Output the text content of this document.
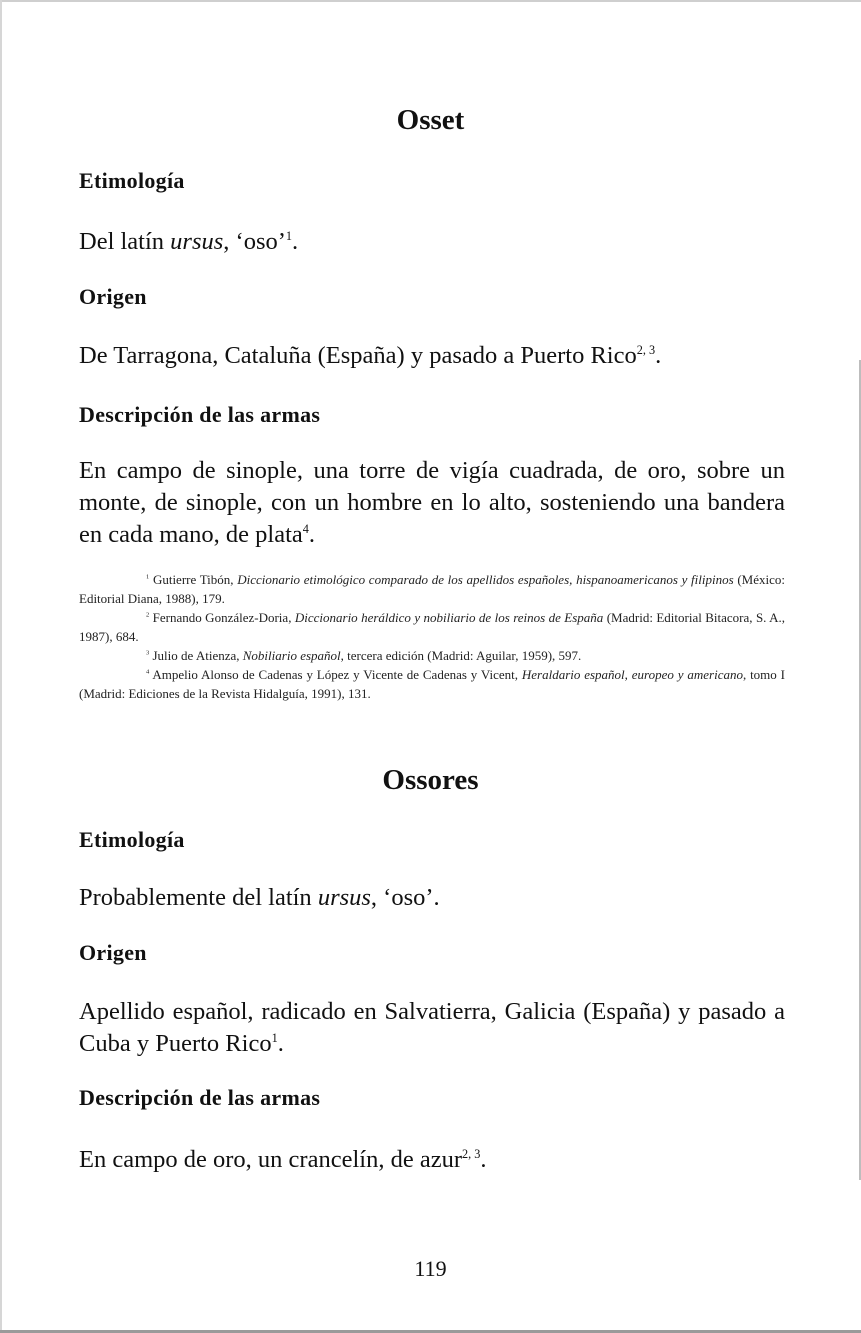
Osset
Etimología

Del latín ursus, ‘oso’$^1$.

Origen

De Tarragona, Cataluña (España) y pasado a Puerto Rico$^{2, 3}$.

Descripción de las armas

En campo de sinople, una torre de vigía cuadrada, de oro, sobre un monte, de sinople, con un hombre en lo alto, sosteniendo una bandera en cada mano, de plata$^4$.

$^1$ Gutierre Tibón, Diccionario etimológico comparado de los apellidos españoles, hispanoamericanos y filipinos (México: Editorial Diana, 1988), 179.

$^2$ Fernando González-Doria, Diccionario heráldico y nobiliario de los reinos de España (Madrid: Editorial Bitacora, S. A., 1987), 684.

$^3$ Julio de Atienza, Nobiliario español, tercera edición (Madrid: Aguilar, 1959), 597.

$^4$ Ampelio Alonso de Cadenas y López y Vicente de Cadenas y Vicent, Heraldario español, europeo y americano, tomo I (Madrid: Ediciones de la Revista Hidalguía, 1991), 131.

Ossores
Etimología

Probablemente del latín ursus, ‘oso’.

Origen

Apellido español, radicado en Salvatierra, Galicia (España) y pasado a Cuba y Puerto Rico$^1$.

Descripción de las armas

En campo de oro, un crancelín, de azur$^{2, 3}$.

119
